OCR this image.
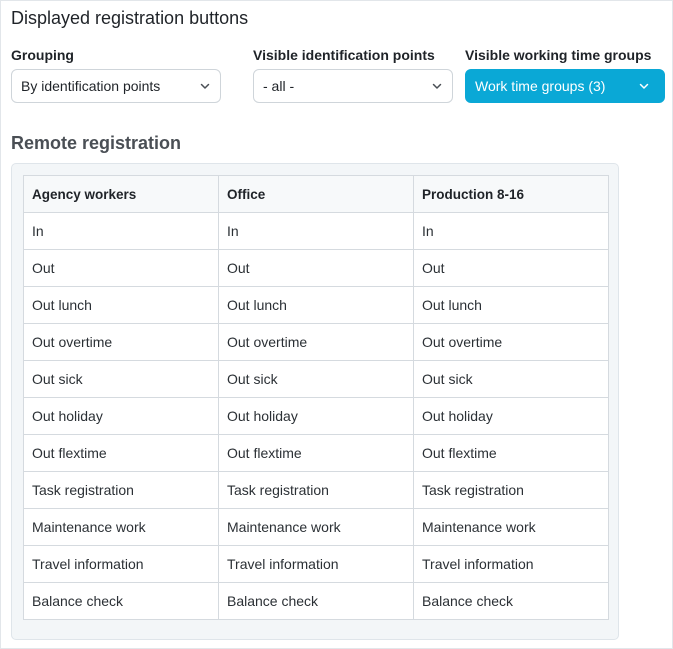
Displayed registration buttons
Grouping
By identification points
Visible identification points
- all -
Visible working time groups
Work time groups (3)
Remote registration
Agency workers	Office	Production 8-16
In	In	In
Out	Out	Out
Out lunch	Out lunch	Out lunch
Out overtime	Out overtime	Out overtime
Out sick	Out sick	Out sick
Out holiday	Out holiday	Out holiday
Out flextime	Out flextime	Out flextime
Task registration	Task registration	Task registration
Maintenance work	Maintenance work	Maintenance work
Travel information	Travel information	Travel information
Balance check	Balance check	Balance check
